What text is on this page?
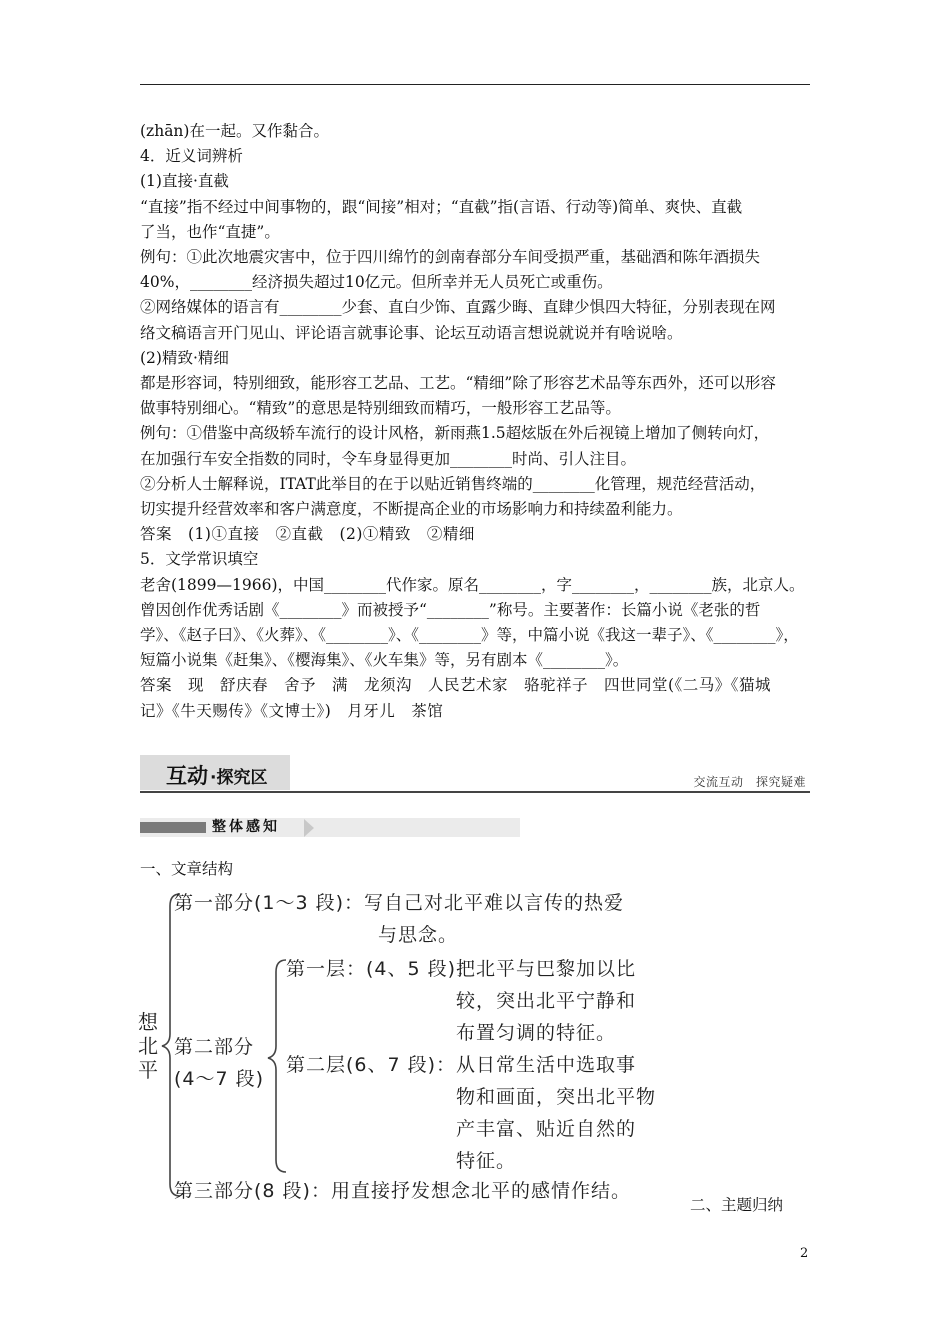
(zhān)在一起。又作黏合。

4．近义词辨析

(1)直接·直截

“直接”指不经过中间事物的，跟“间接”相对；“直截”指(言语、行动等)简单、爽快、直截

了当，也作“直捷”。

例句：①此次地震灾害中，位于四川绵竹的剑南春部分车间受损严重，基础酒和陈年酒损失

40%，________经济损失超过10亿元。但所幸并无人员死亡或重伤。

②网络媒体的语言有________少套、直白少饰、直露少晦、直肆少惧四大特征，分别表现在网

络文稿语言开门见山、评论语言就事论事、论坛互动语言想说就说并有啥说啥。

(2)精致·精细

都是形容词，特别细致，能形容工艺品、工艺。“精细”除了形容艺术品等东西外，还可以形容

做事特别细心。“精致”的意思是特别细致而精巧，一般形容工艺品等。

例句：①借鉴中高级轿车流行的设计风格，新雨燕1.5超炫版在外后视镜上增加了侧转向灯，

在加强行车安全指数的同时，令车身显得更加________时尚、引人注目。

②分析人士解释说，ITAT此举目的在于以贴近销售终端的________化管理，规范经营活动，

切实提升经营效率和客户满意度，不断提高企业的市场影响力和持续盈利能力。

答案　(1)①直接　②直截　(2)①精致　②精细

5．文学常识填空

老舍(1899—1966)，中国________代作家。原名________，字________，________族，北京人。

曾因创作优秀话剧《________》而被授予“________”称号。主要著作：长篇小说《老张的哲

学》、《赵子曰》、《火葬》、《________》、《________》等，中篇小说《我这一辈子》、《________》，

短篇小说集《赶集》、《樱海集》、《火车集》等，另有剧本《________》。

答案　现　舒庆春　舍予　满　龙须沟　人民艺术家　骆驼祥子　四世同堂(《二马》《猫城

记》《牛天赐传》《文博士》)　月牙儿　茶馆

互动 ·探究区	交流互动　探究疑难
整体感知
一、文章结构
想北平
第一部分(1～3 段)：写自己对北平难以言传的热爱
与思念。
第二部分
(4～7 段)
第一层：(4、5 段)：
把北平与巴黎加以比
较，突出北平宁静和
布置匀调的特征。
第二层(6、7 段)： 从日常生活中选取事
物和画面，突出北平物
产丰富、贴近自然的
特征。
第三部分(8 段)：用直接抒发想念北平的感情作结。
二、主题归纳
2
